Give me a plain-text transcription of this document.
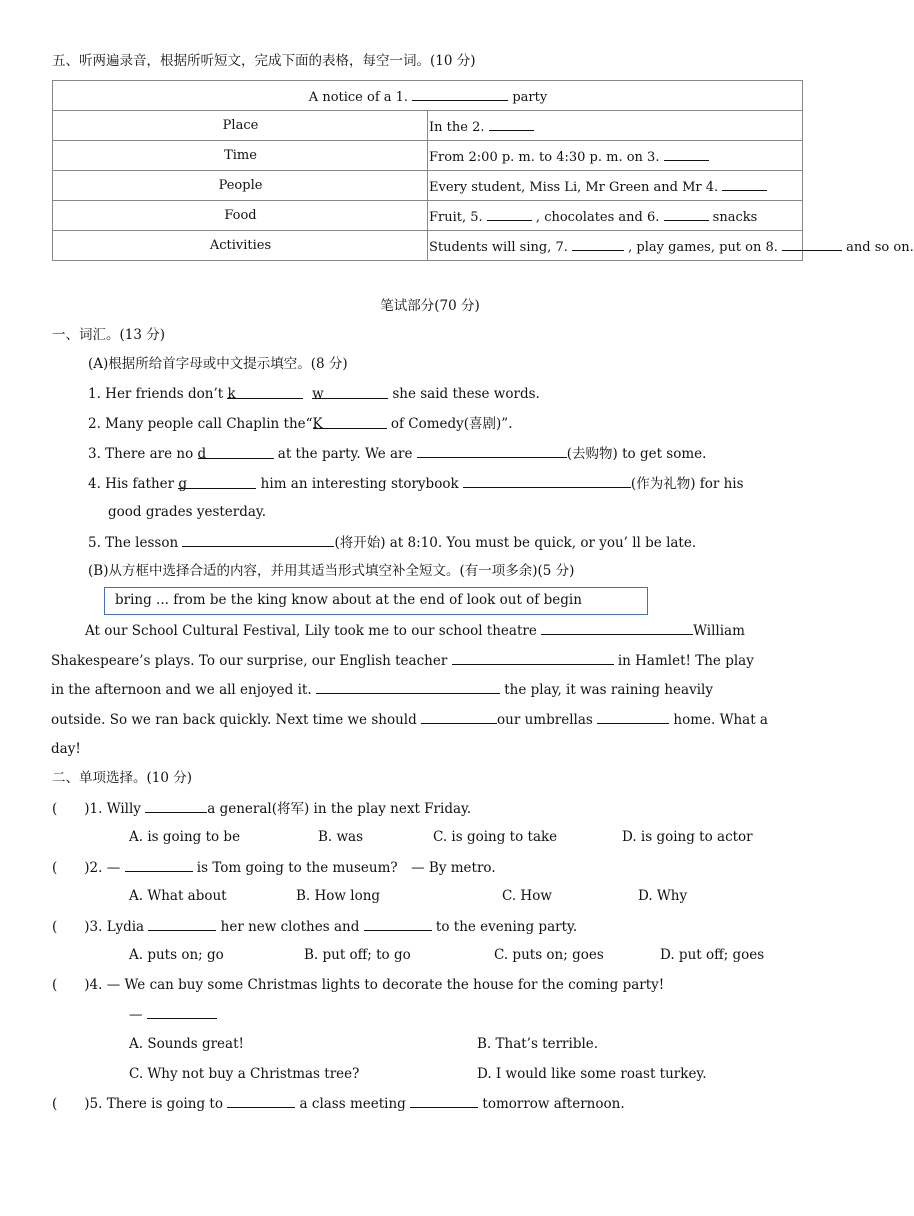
五、听两遍录音，根据所听短文，完成下面的表格，每空一词。(10 分)
A notice of a 1. party	
Place	In the 2.
Time	From 2:00 p. m. to 4:30 p. m. on 3.
People	Every student, Miss Li, Mr Green and Mr 4.
Food	Fruit, 5. , chocolates and 6. snacks
Activities	Students will sing, 7. , play games, put on 8. and so on.
笔试部分(70 分)
一、词汇。(13 分)
(A)根据所给首字母或中文提示填空。(8 分)
1. Her friends don’t k	w	she said these words.
2. Many people call Chaplin the“K	of Comedy(喜剧)”.
3. There are no d	at the party. We are	(去购物) to get some.
4. His father g	him an interesting storybook	(作为礼物) for his
good grades yesterday.
5. The lesson	(将开始) at 8:10. You must be quick, or you’ ll be late.
(B)从方框中选择合适的内容，并用其适当形式填空补全短文。(有一项多余)(5 分)
bring ... from be the king know about at the end of look out of begin
At our School Cultural Festival, Lily took me to our school theatre	William
Shakespeare’s plays. To our surprise, our English teacher	in Hamlet! The play
in the afternoon and we all enjoyed it.	the play, it was raining heavily
outside. So we ran back quickly. Next time we should	our umbrellas	home. What a
day!
二、单项选择。(10 分)
(　　)1. Willy	a general(将军) in the play next Friday.
A. is going to be	B. was	C. is going to take	D. is going to actor
(　　)2. —	is Tom going to the museum?　— By metro.
A. What about	B. How long	C. How	D. Why
(　　)3. Lydia	her new clothes and	to the evening party.
A. puts on; go	B. put off; to go	C. puts on; goes	D. put off; goes
(　　)4. — We can buy some Christmas lights to decorate the house for the coming party!
—
A. Sounds great!	B. That’s terrible.
C. Why not buy a Christmas tree?	D. I would like some roast turkey.
(　　)5. There is going to	a class meeting	tomorrow afternoon.
